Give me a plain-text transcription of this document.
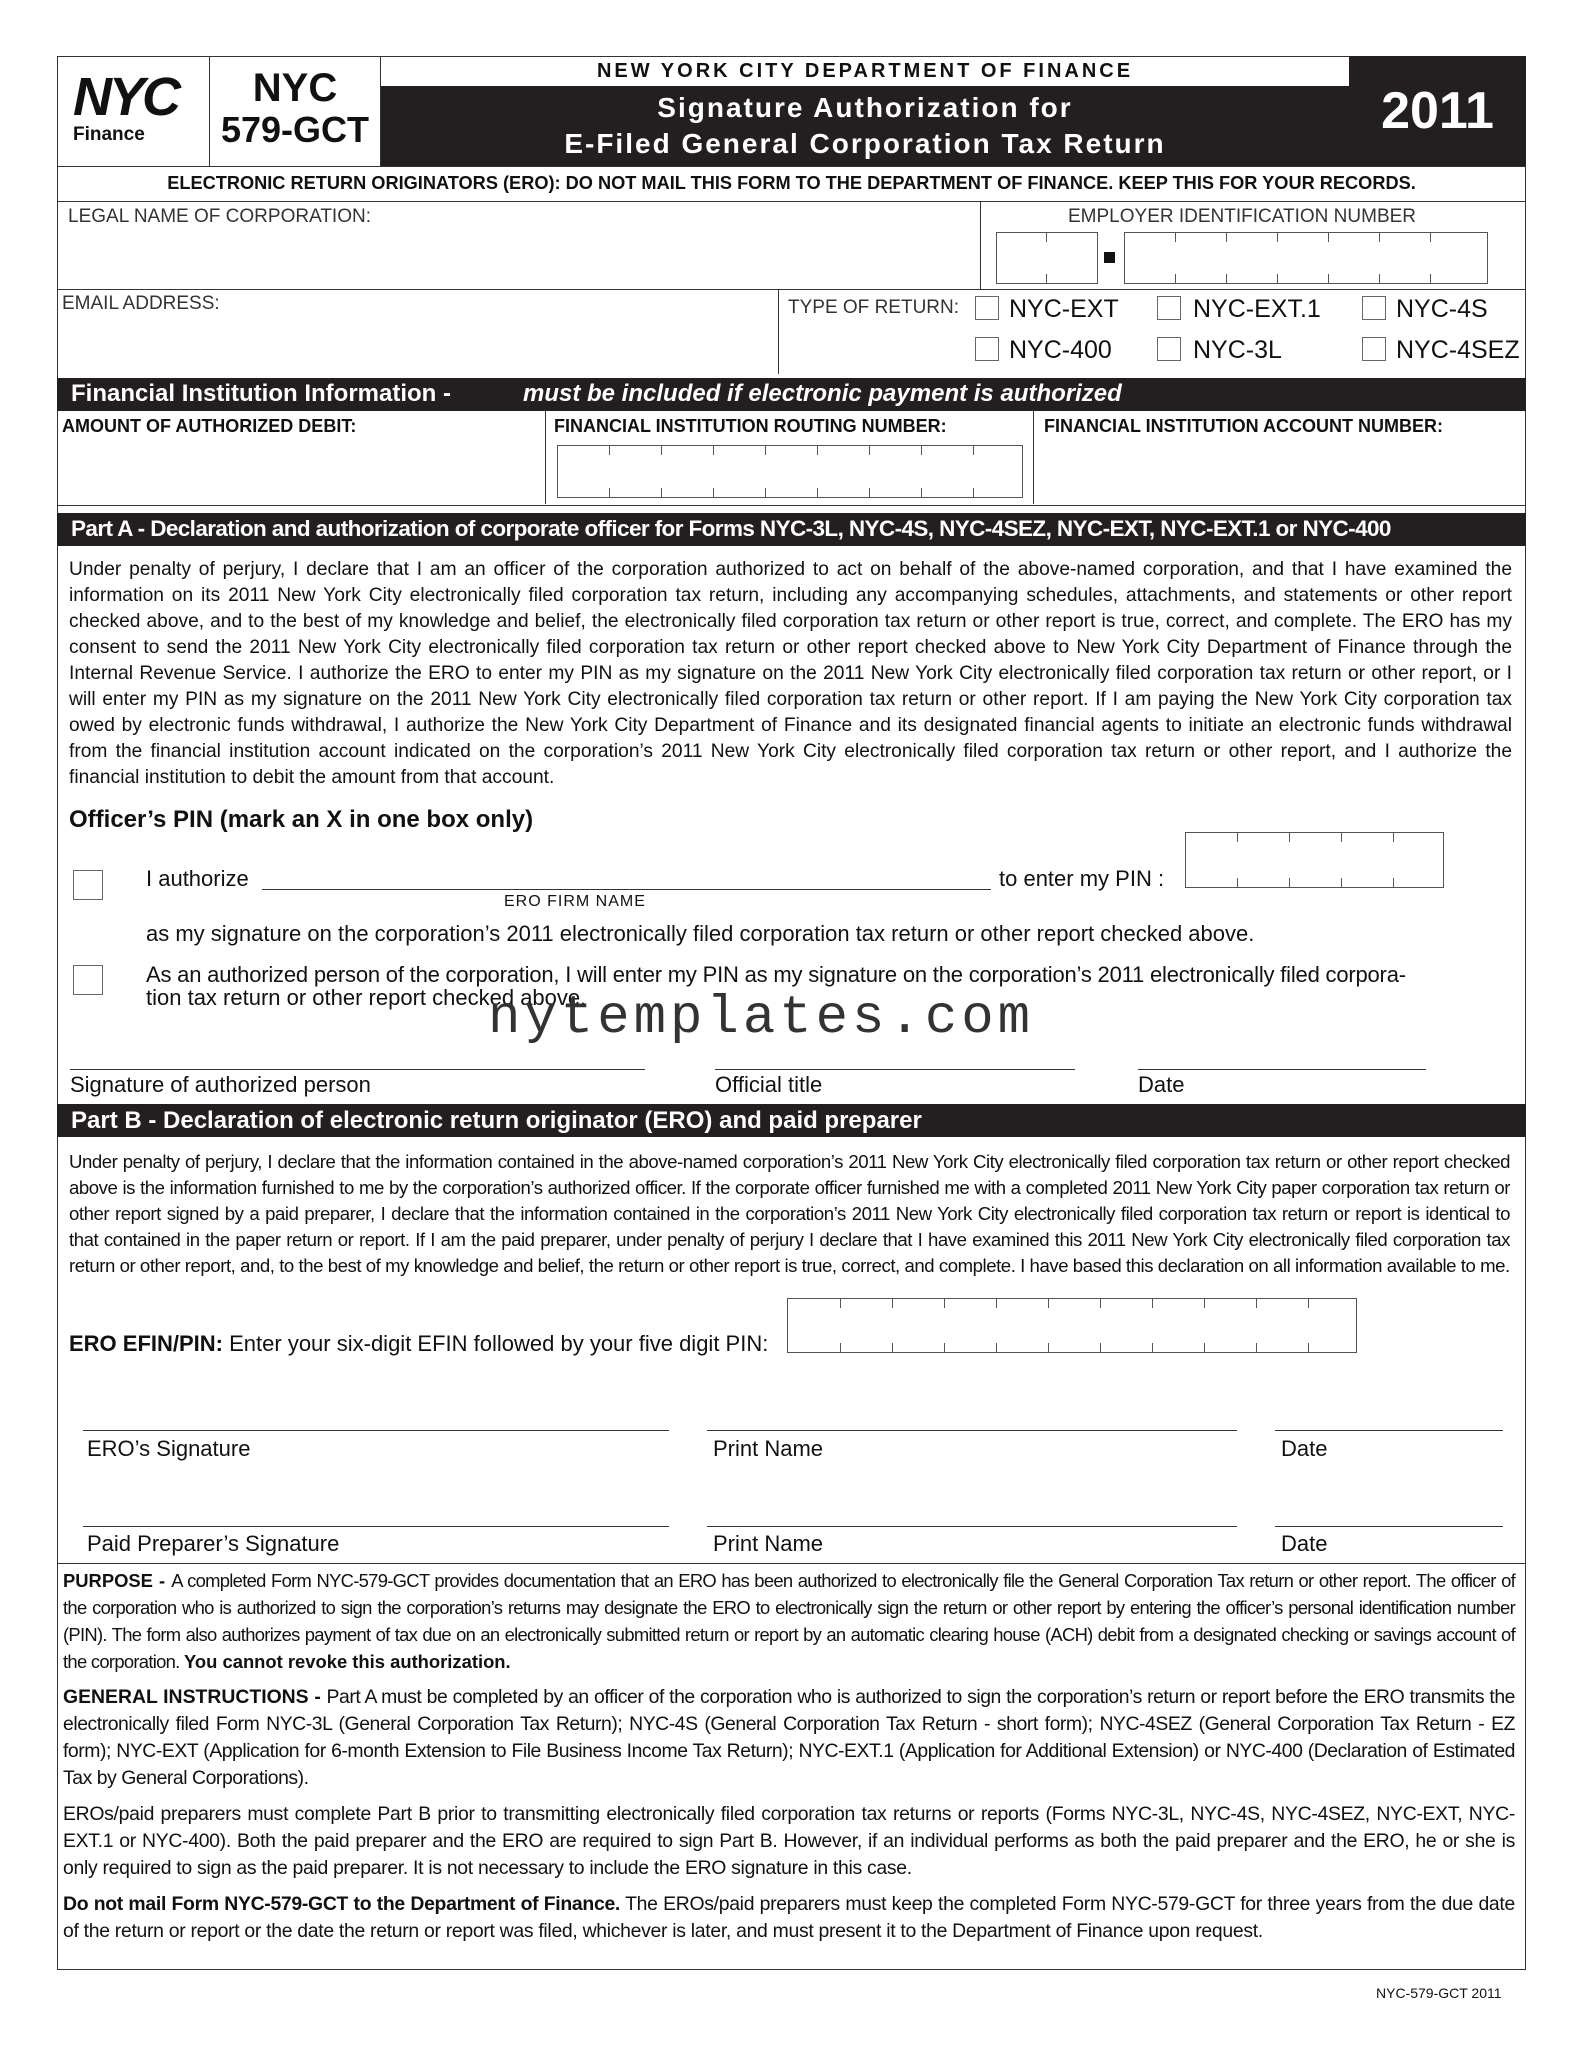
NYC
Finance
NYC
579-GCT
NEW YORK CITY DEPARTMENT OF FINANCE
Signature Authorization for
E-Filed General Corporation Tax Return
2011
ELECTRONIC RETURN ORIGINATORS (ERO): DO NOT MAIL THIS FORM TO THE DEPARTMENT OF FINANCE. KEEP THIS FOR YOUR RECORDS.
LEGAL NAME OF CORPORATION:	EMPLOYER IDENTIFICATION NUMBER
EMAIL ADDRESS:	TYPE OF RETURN: NYC-EXT	NYC-EXT.1	NYC-4S
NYC-400	NYC-3L	NYC-4SEZ
Financial Institution Information -	must be included if electronic payment is authorized
AMOUNT OF AUTHORIZED DEBIT:	FINANCIAL INSTITUTION ROUTING NUMBER:	FINANCIAL INSTITUTION ACCOUNT NUMBER:
Part A - Declaration and authorization of corporate officer for Forms NYC-3L, NYC-4S, NYC-4SEZ, NYC-EXT, NYC-EXT.1 or NYC-400
Under penalty of perjury, I declare that I am an officer of the corporation authorized to act on behalf of the above-named corporation, and that I have examined the information on its 2011 New York City electronically filed corporation tax return, including any accompanying schedules, attachments, and statements or other report checked above, and to the best of my knowledge and belief, the electronically filed corporation tax return or other report is true, correct, and complete. The ERO has my consent to send the 2011 New York City electronically filed corporation tax return or other report checked above to New York City Department of Finance through the Internal Revenue Service. I authorize the ERO to enter my PIN as my signature on the 2011 New York City electronically filed corporation tax return or other report, or I will enter my PIN as my signature on the 2011 New York City electronically filed corporation tax return or other report. If I am paying the New York City corporation tax owed by electronic funds withdrawal, I authorize the New York City Department of Finance and its designated financial agents to initiate an electronic funds withdrawal from the financial institution account indicated on the corporation’s 2011 New York City electronically filed corporation tax return or other report, and I authorize the financial institution to debit the amount from that account.
Officer’s PIN (mark an X in one box only)
I authorize
ERO FIRM NAME
to enter my PIN :
as my signature on the corporation’s 2011 electronically filed corporation tax return or other report checked above.
As an authorized person of the corporation, I will enter my PIN as my signature on the corporation’s 2011 electronically filed corpora-
tion tax return or other report checked above.
nytemplates.com
Signature of authorized person	Official title	Date
Part B - Declaration of electronic return originator (ERO) and paid preparer
Under penalty of perjury, I declare that the information contained in the above-named corporation’s 2011 New York City electronically filed corporation tax return or other report checked above is the information furnished to me by the corporation’s authorized officer. If the corporate officer furnished me with a completed 2011 New York City paper corporation tax return or other report signed by a paid preparer, I declare that the information contained in the corporation’s 2011 New York City electronically filed corporation tax return or report is identical to that contained in the paper return or report. If I am the paid preparer, under penalty of perjury I declare that I have examined this 2011 New York City electronically filed corporation tax return or other report, and, to the best of my knowledge and belief, the return or other report is true, correct, and complete. I have based this declaration on all information available to me.
ERO EFIN/PIN: Enter your six-digit EFIN followed by your five digit PIN:
ERO’s Signature	Print Name	Date
Paid Preparer’s Signature	Print Name	Date
PURPOSE - A completed Form NYC-579-GCT provides documentation that an ERO has been authorized to electronically file the General Corporation Tax return or other report. The officer of the corporation who is authorized to sign the corporation’s returns may designate the ERO to electronically sign the return or other report by entering the officer’s personal identification number (PIN). The form also authorizes payment of tax due on an electronically submitted return or report by an automatic clearing house (ACH) debit from a designated checking or savings account of the corporation. You cannot revoke this authorization.
GENERAL INSTRUCTIONS - Part A must be completed by an officer of the corporation who is authorized to sign the corporation’s return or report before the ERO transmits the electronically filed Form NYC-3L (General Corporation Tax Return); NYC-4S (General Corporation Tax Return - short form); NYC-4SEZ (General Corporation Tax Return - EZ form); NYC-EXT (Application for 6-month Extension to File Business Income Tax Return); NYC-EXT.1 (Application for Additional Extension) or NYC-400 (Declaration of Estimated Tax by General Corporations).
EROs/paid preparers must complete Part B prior to transmitting electronically filed corporation tax returns or reports (Forms NYC-3L, NYC-4S, NYC-4SEZ, NYC-EXT, NYC-EXT.1 or NYC-400). Both the paid preparer and the ERO are required to sign Part B. However, if an individual performs as both the paid preparer and the ERO, he or she is only required to sign as the paid preparer. It is not necessary to include the ERO signature in this case.
Do not mail Form NYC-579-GCT to the Department of Finance. The EROs/paid preparers must keep the completed Form NYC-579-GCT for three years from the due date of the return or report or the date the return or report was filed, whichever is later, and must present it to the Department of Finance upon request.
NYC-579-GCT 2011
